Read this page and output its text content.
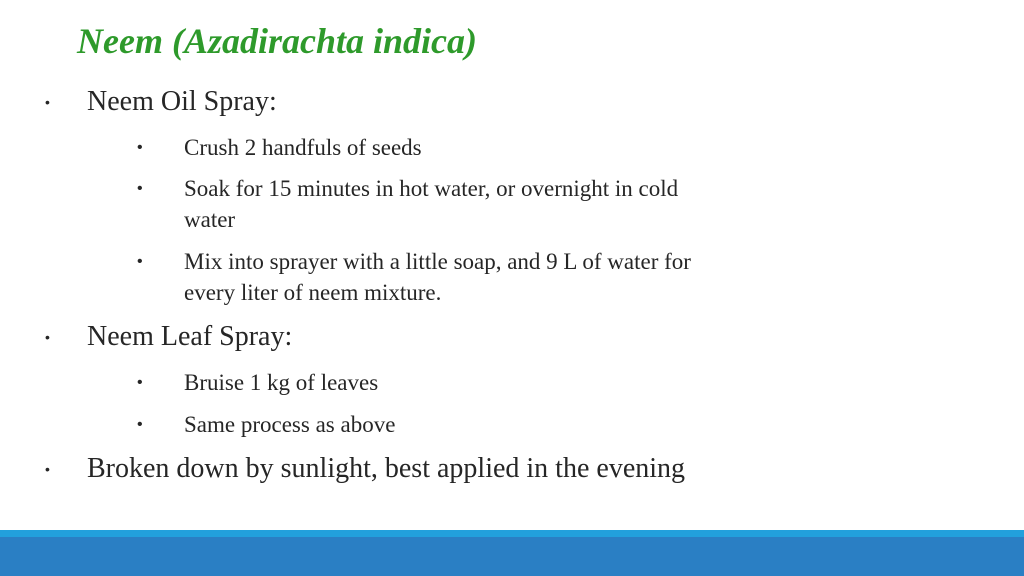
Neem (Azadirachta indica)
• Neem Oil Spray:
• Crush 2 handfuls of seeds
• Soak for 15 minutes in hot water, or overnight in cold water
• Mix into sprayer with a little soap, and 9 L of water for every liter of neem mixture.
• Neem Leaf Spray:
• Bruise 1 kg of leaves
• Same process as above
• Broken down by sunlight, best applied in the evening
